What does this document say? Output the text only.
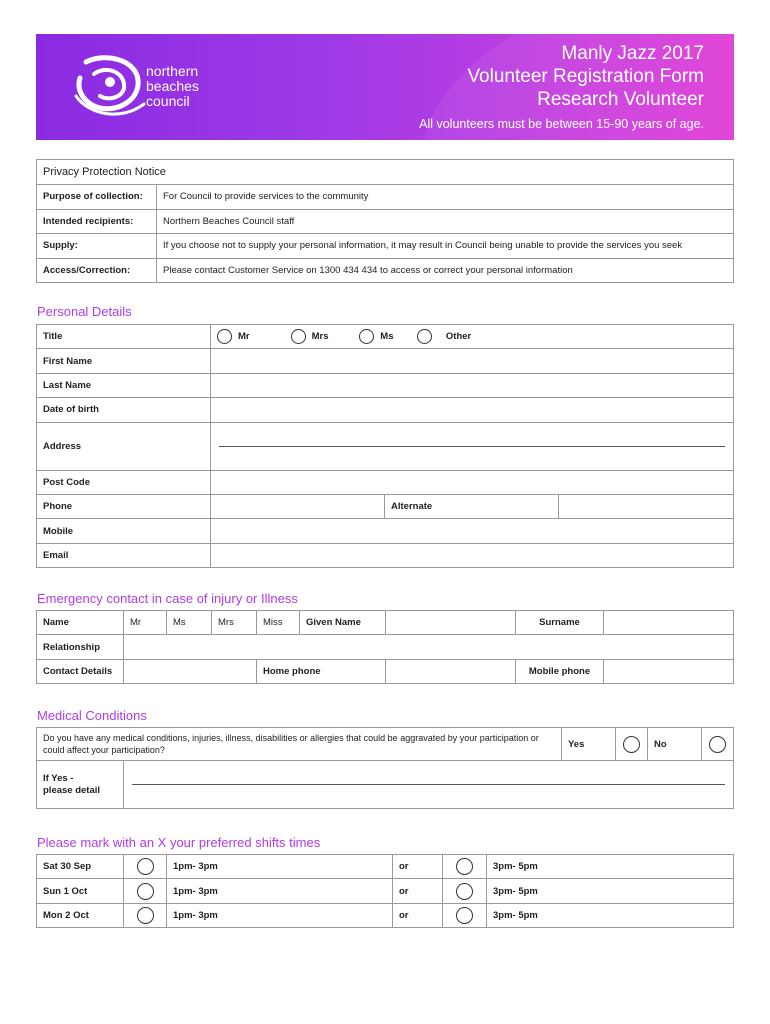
northern
beaches
council
Manly Jazz 2017
Volunteer Registration Form
Research Volunteer
All volunteers must be between 15-90 years of age.
Privacy Protection Notice	
Purpose of collection:	For Council to provide services to the community
Intended recipients:	Northern Beaches Council staff
Supply:	If you choose not to supply your personal information, it may result in Council being unable to provide the services you seek
Access/Correction:	Please contact Customer Service on 1300 434 434 to access or correct your personal information
Personal Details
Title	Mr Mrs Ms Other		
First Name			
Last Name			
Date of birth			
Address			

Post Code			
Phone		Alternate	
Mobile			
Email			
Emergency contact in case of injury or Illness
Name	Mr	Ms	Mrs	Miss	Given Name		Surname	
Relationship								
Contact Details				Home phone			Mobile phone	
Medical Conditions
Do you have any medical conditions, injuries, illness, disabilities or allergies that could be aggravated by your participation or could affect your participation?		Yes		No	
If Yes -
please detail					
Please mark with an X your preferred shifts times
Sat 30 Sep		1pm- 3pm	or		3pm- 5pm
Sun 1 Oct		1pm- 3pm	or		3pm- 5pm
Mon 2 Oct		1pm- 3pm	or		3pm- 5pm
